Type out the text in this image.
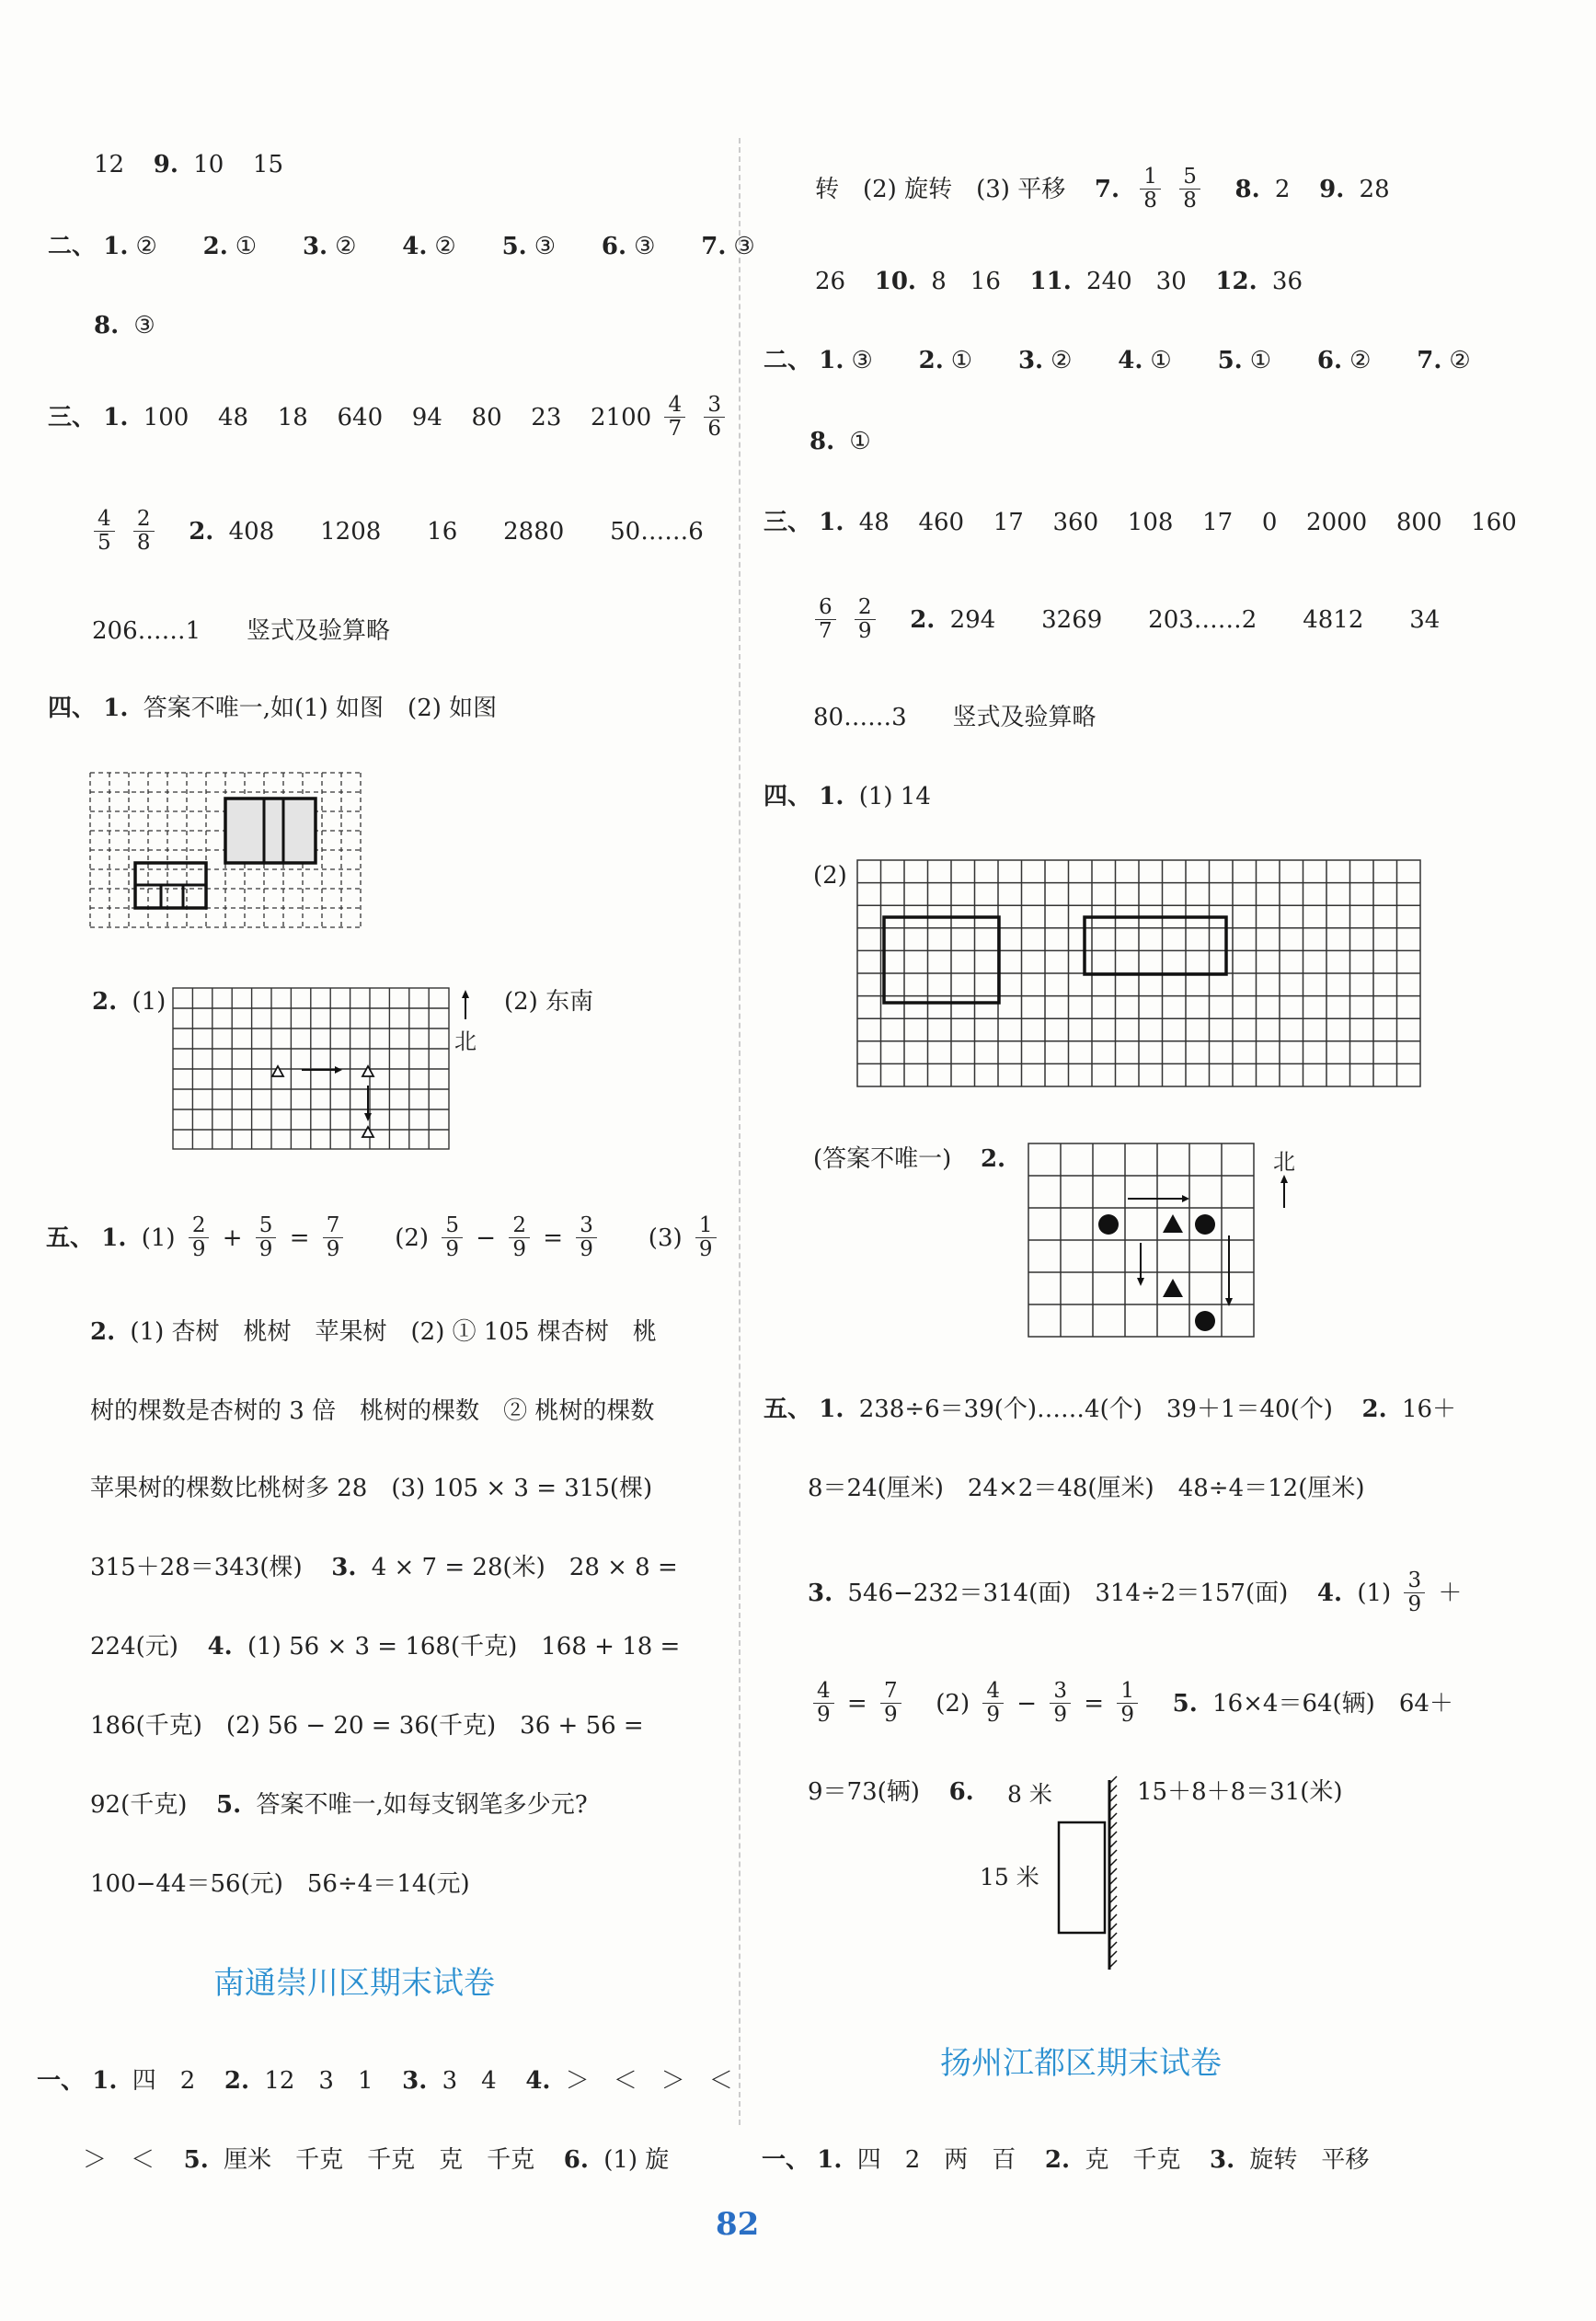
12 9. 10 15
二、 1. ② 2. ① 3. ② 4. ② 5. ③ 6. ③ 7. ③
8. ③
三、 1. 100 48 18 640 94 80 23 $2100 \frac{4}{7}$
$\frac{3}{6}$
$\frac{4}{5}$
$\frac{2}{8} 2$. 408 1208 16 2880 50……6
206……1 竖式及验算略
四、 1. 答案不唯一,如(1) 如图　(2) 如图
2. (1)
北
(2) 东南
五、 1. $(1) \frac{2}{9} + \frac{5}{9} = \frac{7}{9} (2) \frac{5}{9} - \frac{2}{9} = \frac{3}{9} (3) \frac{1}{9}$
2. (1) 杏树　桃树　苹果树　(2) ① 105 棵杏树　桃
树的棵数是杏树的 3 倍　桃树的棵数　② 桃树的棵数
苹果树的棵数比桃树多 28　(3) 105 × 3 = 315(棵)
315＋28＝343(棵) 3. 4 × 7 = 28(米)　28 × 8 =
224(元) 4. (1) 56 × 3 = 168(千克)　168 + 18 =
186(千克)　(2) 56 − 20 = 36(千克)　36 + 56 =
92(千克) 5. 答案不唯一,如每支钢笔多少元?
100−44＝56(元)　56÷4＝14(元)
南通崇川区期末试卷
一、 1. 四　2 2. 12　3　1 3. 3　4 4. ＞　＜　＞　＜
＞　＜ 5. 厘米　千克　千克　克　千克 6. (1) 旋
转　(2) 旋转　(3) 平移 7. $\frac{1}{8}$
$\frac{5}{8} 8$. 2 9. 28
26 10. 8　16 11. 240　30 12. 36
二、 1. ③ 2. ① 3. ② 4. ① 5. ① 6. ② 7. ②
8. ①
三、 1. 48 460 17 360 108 17 0 2000 800 160
$\frac{6}{7}$
$\frac{2}{9} 2$. 294 3269 203……2 4812 34
80……3 竖式及验算略
四、 1. (1) 14
(2)
(答案不唯一) 2.	北
五、 1. 238÷6＝39(个)……4(个)　39＋1＝40(个) 2. 16＋
8＝24(厘米)　24×2＝48(厘米)　48÷4＝12(厘米)
3. 546−232＝314(面)　314÷2＝157(面) 4. $(1) \frac{3}{9}$ ＋
$\frac{4}{9} = \frac{7}{9} (2) \frac{4}{9} - \frac{3}{9} = \frac{1}{9} 5$. 16×4＝64(辆)　64＋
9＝73(辆) 6.	8 米
15 米
15＋8＋8＝31(米)
扬州江都区期末试卷
一、 1. 四　2　两　百 2. 克　千克 3. 旋转　平移
82
